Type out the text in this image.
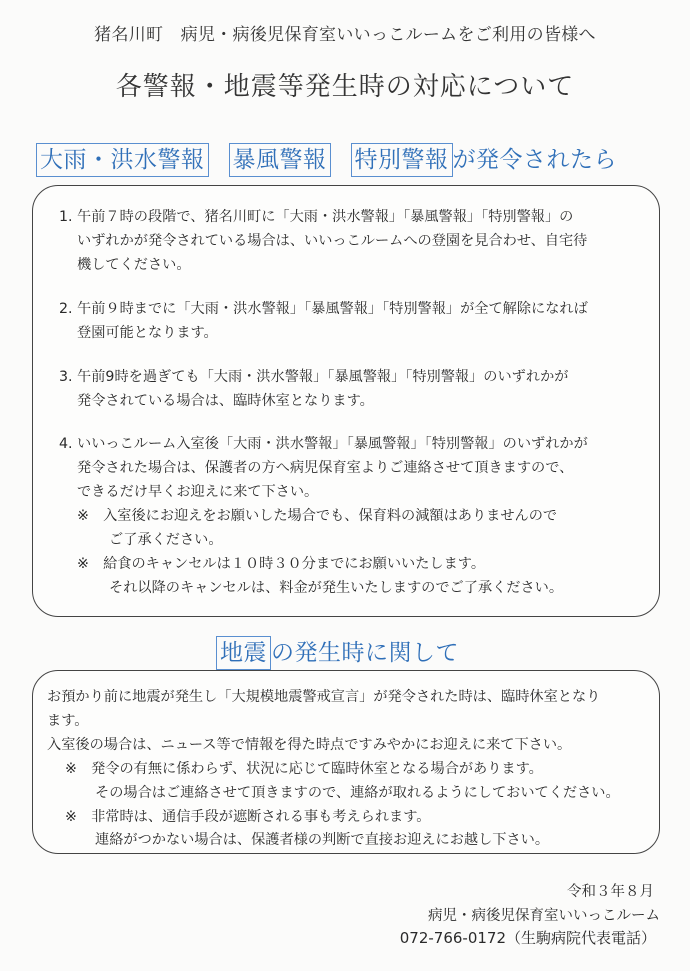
猪名川町　病児・病後児保育室いいっこルームをご利用の皆様へ
各警報・地震等発生時の対応について
大雨・洪水警報 暴風警報 特別警報 が発令されたら
1. 午前７時の段階で、猪名川町に「大雨・洪水警報」「暴風警報」「特別警報」の
いずれかが発令されている場合は、いいっこルームへの登園を見合わせ、自宅待
機してください。
2. 午前９時までに「大雨・洪水警報」「暴風警報」「特別警報」が全て解除になれば
登園可能となります。
3. 午前9時を過ぎても「大雨・洪水警報」「暴風警報」「特別警報」のいずれかが
発令されている場合は、臨時休室となります。
4. いいっこルーム入室後「大雨・洪水警報」「暴風警報」「特別警報」のいずれかが
発令された場合は、保護者の方へ病児保育室よりご連絡させて頂きますので、
できるだけ早くお迎えに来て下さい。
※　入室後にお迎えをお願いした場合でも、保育料の減額はありませんので
ご了承ください。
※　給食のキャンセルは１０時３０分までにお願いいたします。
それ以降のキャンセルは、料金が発生いたしますのでご了承ください。
地震 の発生時に関して
お預かり前に地震が発生し「大規模地震警戒宣言」が発令された時は、臨時休室となり
ます。
入室後の場合は、ニュース等で情報を得た時点ですみやかにお迎えに来て下さい。
※　発令の有無に係わらず、状況に応じて臨時休室となる場合があります。
その場合はご連絡させて頂きますので、連絡が取れるようにしておいてください。
※　非常時は、通信手段が遮断される事も考えられます。
連絡がつかない場合は、保護者様の判断で直接お迎えにお越し下さい。
令和３年８月
病児・病後児保育室いいっこルーム
072-766-0172（生駒病院代表電話）
